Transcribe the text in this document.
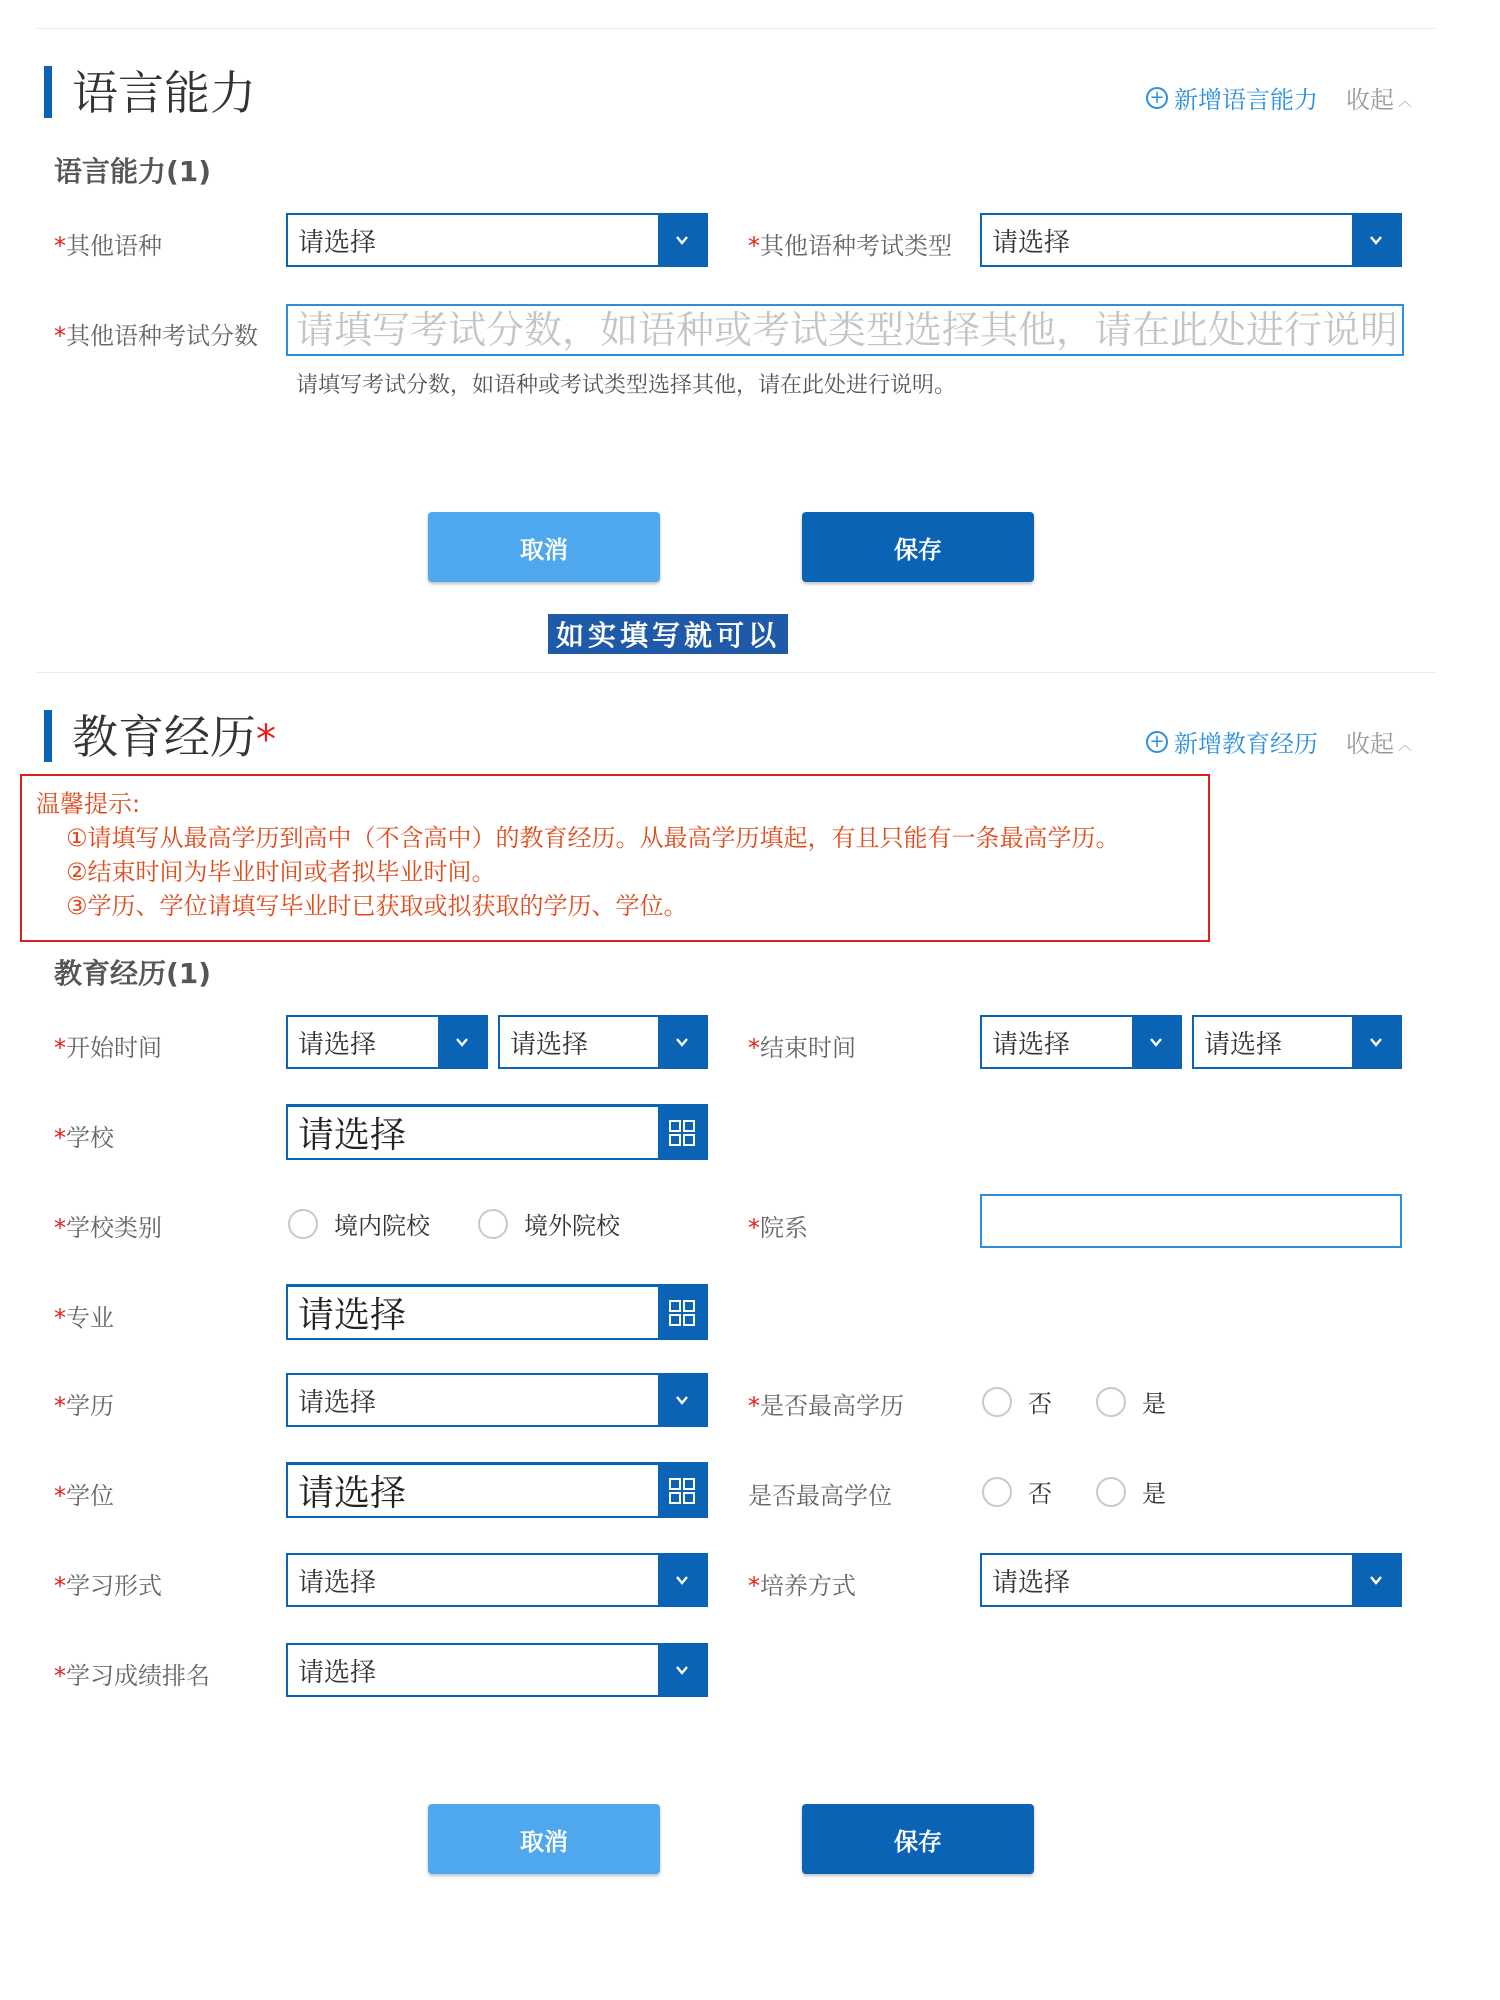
语言能力	+ 新增语言能力 收起 ︿
语言能力(1)
*其他语种	请选择	*其他语种考试类型	请选择
*其他语种考试分数
请填写考试分数，如语种或考试类型选择其他，请在此处进行说明
请填写考试分数，如语种或考试类型选择其他，请在此处进行说明。
取消	保存
如实填写就可以
教育经历*	+ 新增教育经历 收起 ︿
温馨提示:
①请填写从最高学历到高中（不含高中）的教育经历。从最高学历填起，有且只能有一条最高学历。
②结束时间为毕业时间或者拟毕业时间。
③学历、学位请填写毕业时已获取或拟获取的学历、学位。
教育经历(1)
*开始时间	请选择	请选择	*结束时间	请选择	请选择
*学校	请选择
*学校类别	境内院校	境外院校	*院系
*专业	请选择
*学历	请选择	*是否最高学历	否	是
*学位	请选择	是否最高学位	否	是
*学习形式	请选择	*培养方式	请选择
*学习成绩排名	请选择
取消	保存
